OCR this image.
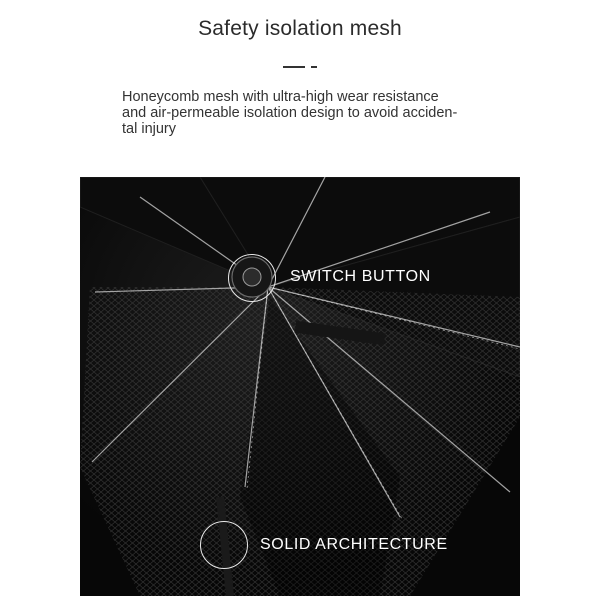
Safety isolation mesh

Honeycomb mesh with ultra-high wear resistance
and air-permeable isolation design to avoid acciden-
tal injury

SWITCH BUTTON
SOLID ARCHITECTURE
